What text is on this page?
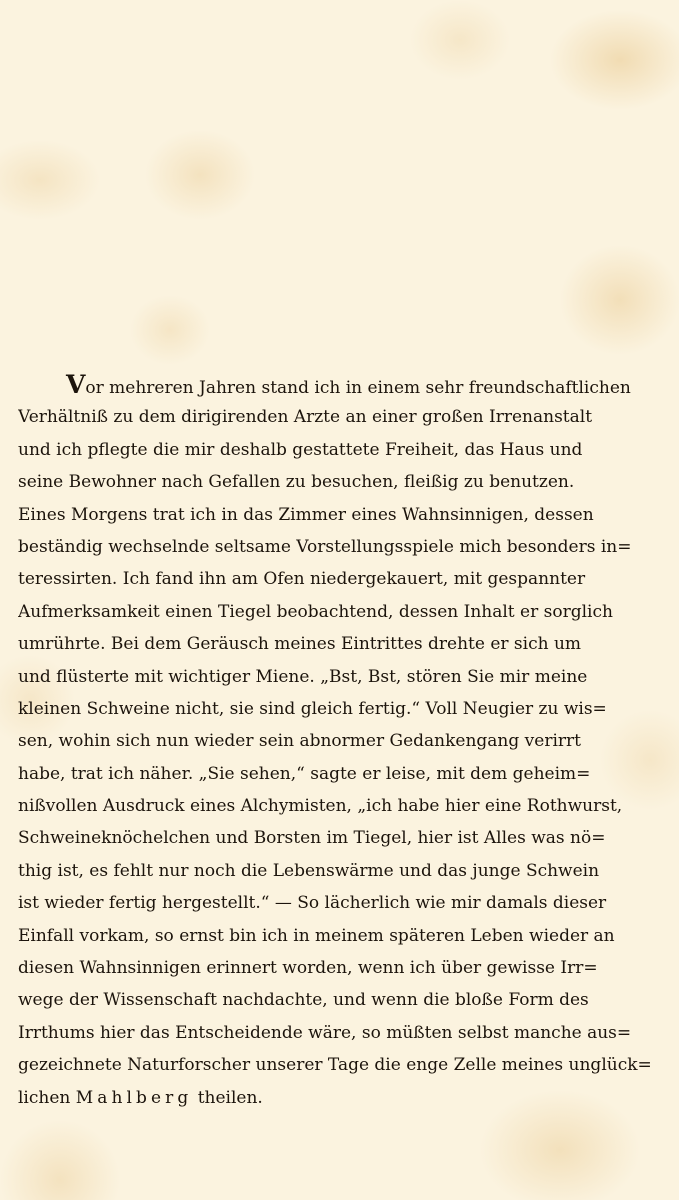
Vor mehreren Jahren stand ich in einem sehr freundschaftlichen
Verhältniß zu dem dirigirenden Arzte an einer großen Irrenanstalt
und ich pflegte die mir deshalb gestattete Freiheit, das Haus und
seine Bewohner nach Gefallen zu besuchen, fleißig zu benutzen.
Eines Morgens trat ich in das Zimmer eines Wahnsinnigen, dessen
beständig wechselnde seltsame Vorstellungsspiele mich besonders in=
teressirten. Ich fand ihn am Ofen niedergekauert, mit gespannter
Aufmerksamkeit einen Tiegel beobachtend, dessen Inhalt er sorglich
umrührte. Bei dem Geräusch meines Eintrittes drehte er sich um
und flüsterte mit wichtiger Miene. „Bst, Bst, stören Sie mir meine
kleinen Schweine nicht, sie sind gleich fertig.“ Voll Neugier zu wis=
sen, wohin sich nun wieder sein abnormer Gedankengang verirrt
habe, trat ich näher. „Sie sehen,“ sagte er leise, mit dem geheim=
nißvollen Ausdruck eines Alchymisten, „ich habe hier eine Rothwurst,
Schweineknöchelchen und Borsten im Tiegel, hier ist Alles was nö=
thig ist, es fehlt nur noch die Lebenswärme und das junge Schwein
ist wieder fertig hergestellt.“ — So lächerlich wie mir damals dieser
Einfall vorkam, so ernst bin ich in meinem späteren Leben wieder an
diesen Wahnsinnigen erinnert worden, wenn ich über gewisse Irr=
wege der Wissenschaft nachdachte, und wenn die bloße Form des
Irrthums hier das Entscheidende wäre, so müßten selbst manche aus=
gezeichnete Naturforscher unserer Tage die enge Zelle meines unglück=
lichen Mahlberg theilen.
